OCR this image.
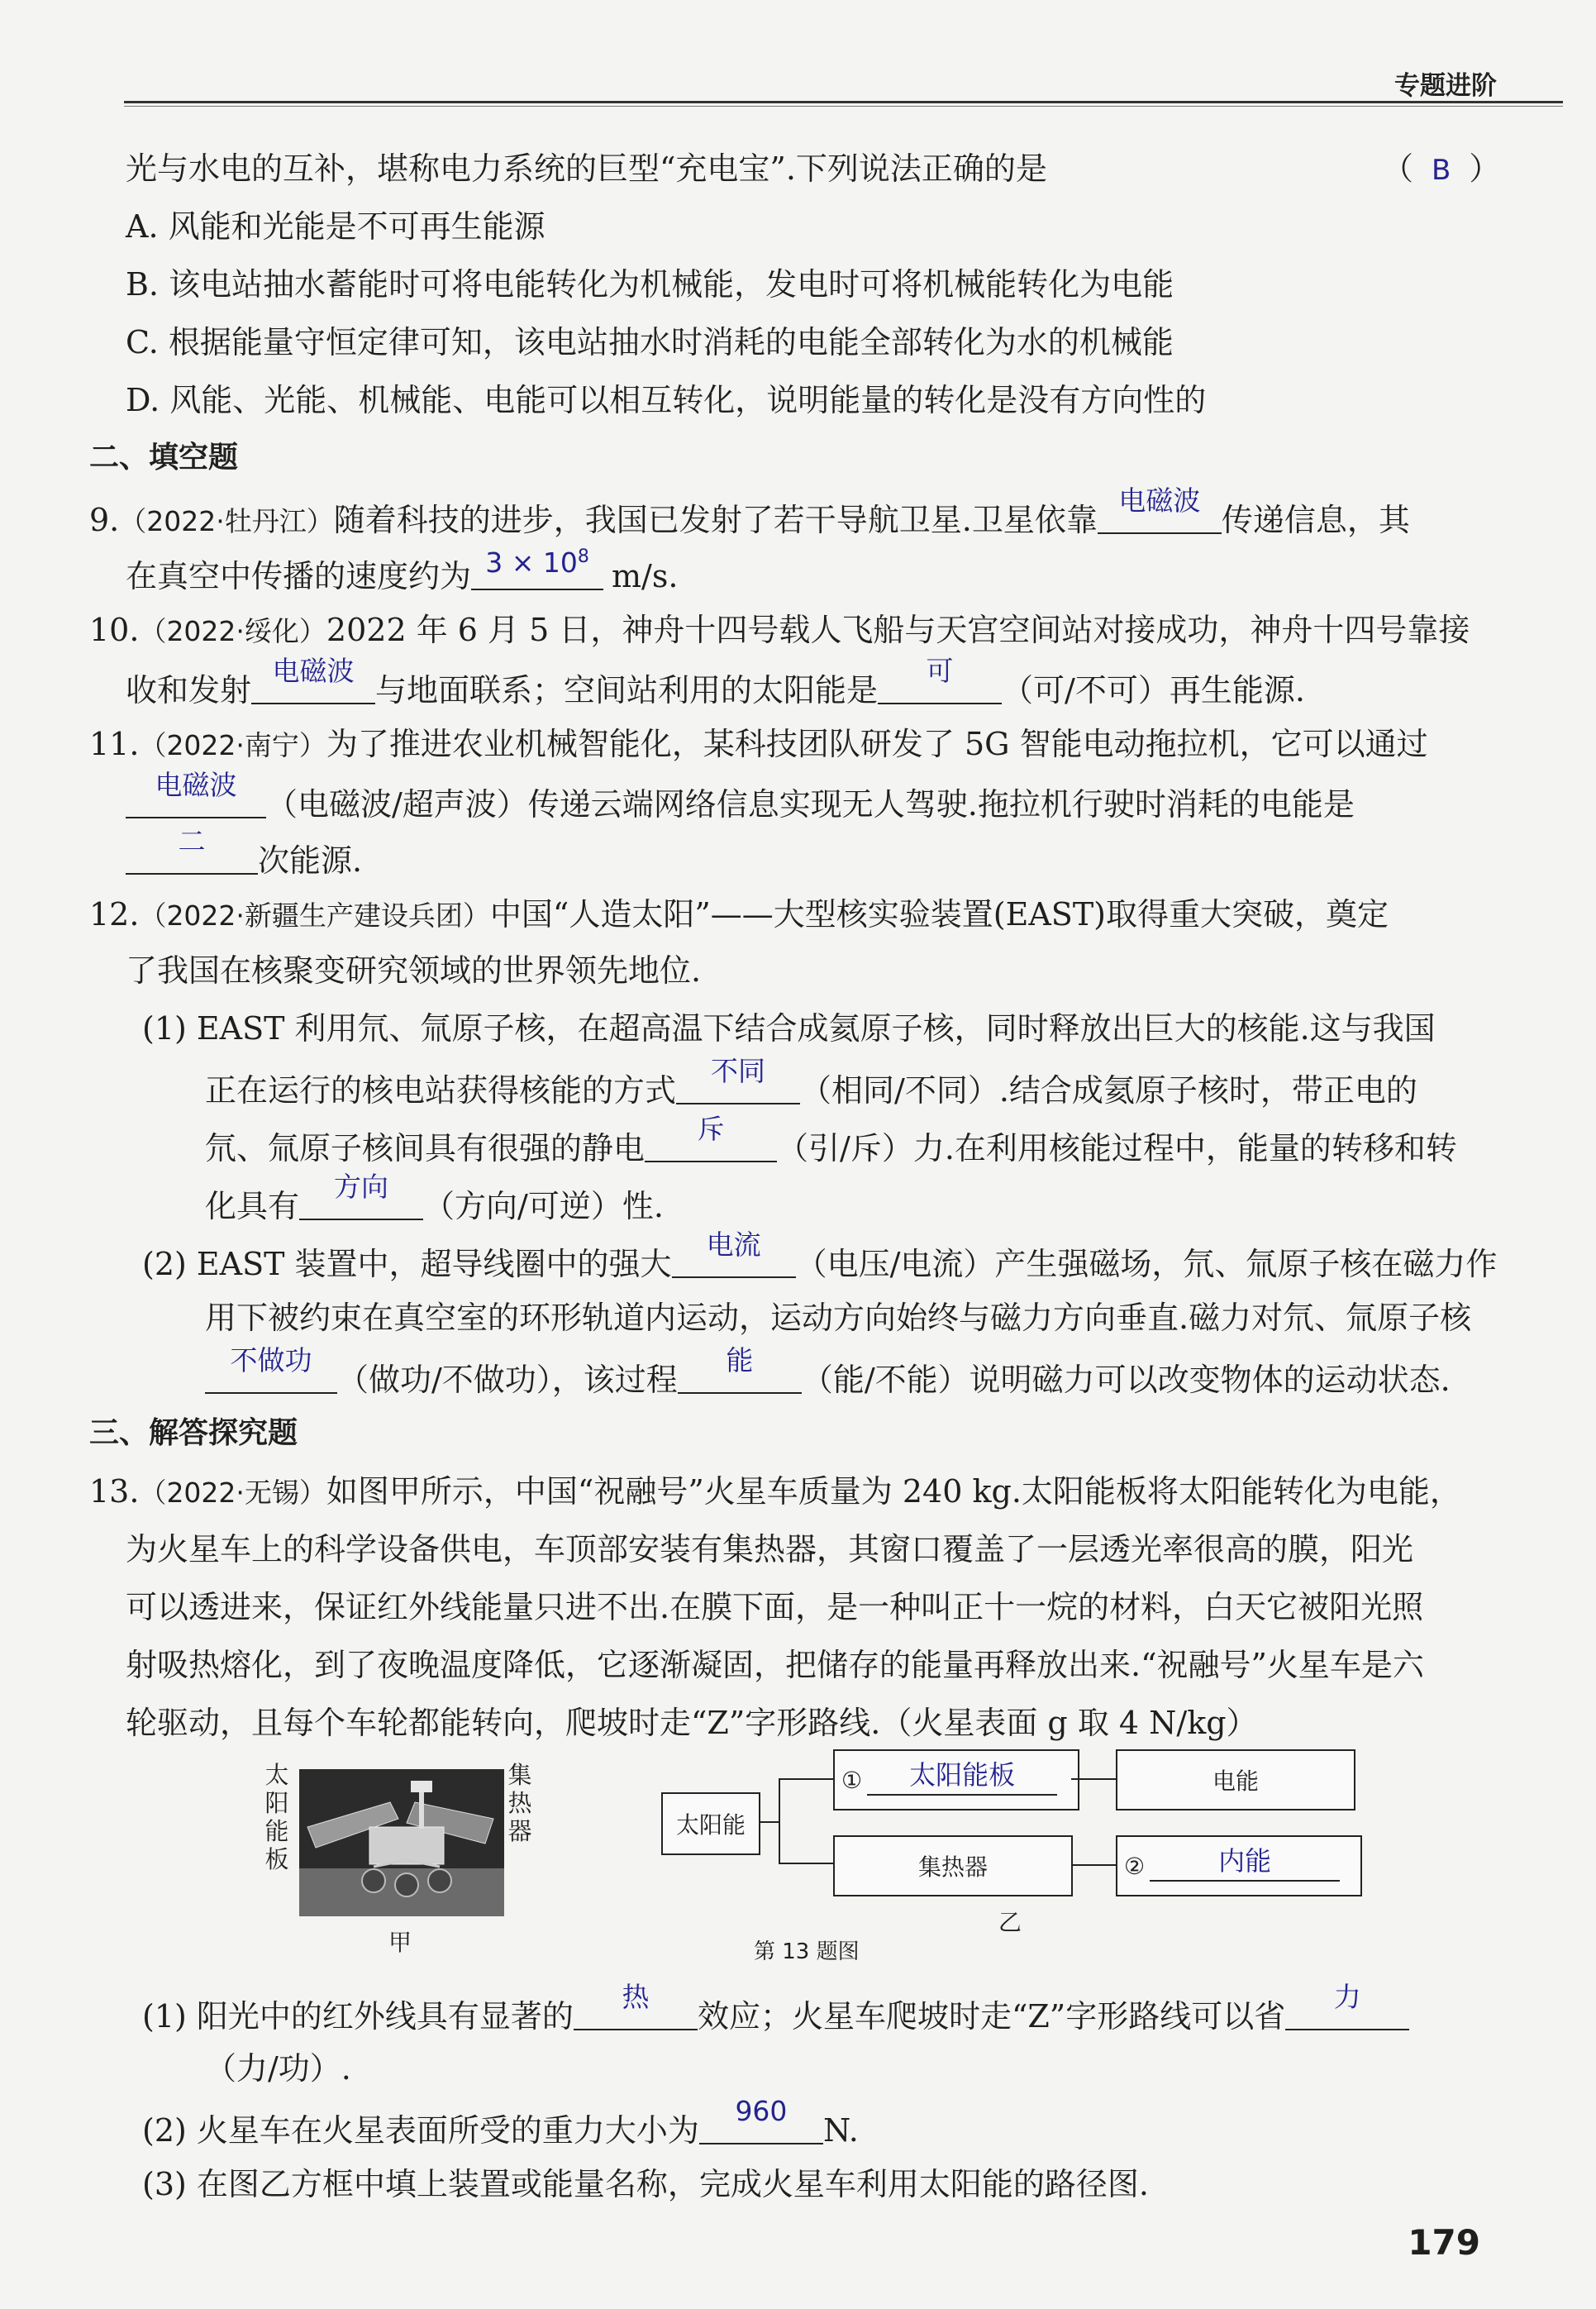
专题进阶
光与水电的互补，堪称电力系统的巨型“充电宝”.下列说法正确的是	（ B ）
A. 风能和光能是不可再生能源
B. 该电站抽水蓄能时可将电能转化为机械能，发电时可将机械能转化为电能
C. 根据能量守恒定律可知，该电站抽水时消耗的电能全部转化为水的机械能
D. 风能、光能、机械能、电能可以相互转化，说明能量的转化是没有方向性的
二、填空题
9.（2022·牡丹江）随着科技的进步，我国已发射了若干导航卫星.卫星依靠
电磁波
传递信息，其
在真空中传播的速度约为 $3 \times 10^8$
m/s.
10.（2022·绥化）2022 年 6 月 5 日，神舟十四号载人飞船与天宫空间站对接成功，神舟十四号靠接
收和发射
电磁波
与地面联系；空间站利用的太阳能是
可
（可/不可）再生能源.
11.（2022·南宁）为了推进农业机械智能化，某科技团队研发了 5G 智能电动拖拉机，它可以通过
电磁波
（电磁波/超声波）传递云端网络信息实现无人驾驶.拖拉机行驶时消耗的电能是
二
次能源.
12.（2022·新疆生产建设兵团）中国“人造太阳”——大型核实验装置(EAST)取得重大突破，奠定
了我国在核聚变研究领域的世界领先地位.
(1) EAST 利用氘、氚原子核，在超高温下结合成氦原子核，同时释放出巨大的核能.这与我国
正在运行的核电站获得核能的方式
不同
（相同/不同）.结合成氦原子核时，带正电的
氘、氚原子核间具有很强的静电
斥
（引/斥）力.在利用核能过程中，能量的转移和转
化具有
方向
（方向/可逆）性.
(2) EAST 装置中，超导线圈中的强大
电流
（电压/电流）产生强磁场，氘、氚原子核在磁力作
用下被约束在真空室的环形轨道内运动，运动方向始终与磁力方向垂直.磁力对氘、氚原子核
不做功
（做功/不做功），该过程
能
（能/不能）说明磁力可以改变物体的运动状态.
三、解答探究题
13.（2022·无锡）如图甲所示，中国“祝融号”火星车质量为 240 kg.太阳能板将太阳能转化为电能，
为火星车上的科学设备供电，车顶部安装有集热器，其窗口覆盖了一层透光率很高的膜，阳光
可以透进来，保证红外线能量只进不出.在膜下面，是一种叫正十一烷的材料，白天它被阳光照
射吸热熔化，到了夜晚温度降低，它逐渐凝固，把储存的能量再释放出来.“祝融号”火星车是六
轮驱动，且每个车轮都能转向，爬坡时走“Z”字形路线.（火星表面 g 取 4 N/kg）
太阳能板
集热器
甲
太阳能
①	太阳能板	电能
集热器	②	内能
乙
第 13 题图
(1) 阳光中的红外线具有显著的
热
效应；火星车爬坡时走“Z”字形路线可以省
力
（力/功）.
(2) 火星车在火星表面所受的重力大小为
960
N.
(3) 在图乙方框中填上装置或能量名称，完成火星车利用太阳能的路径图.
179
